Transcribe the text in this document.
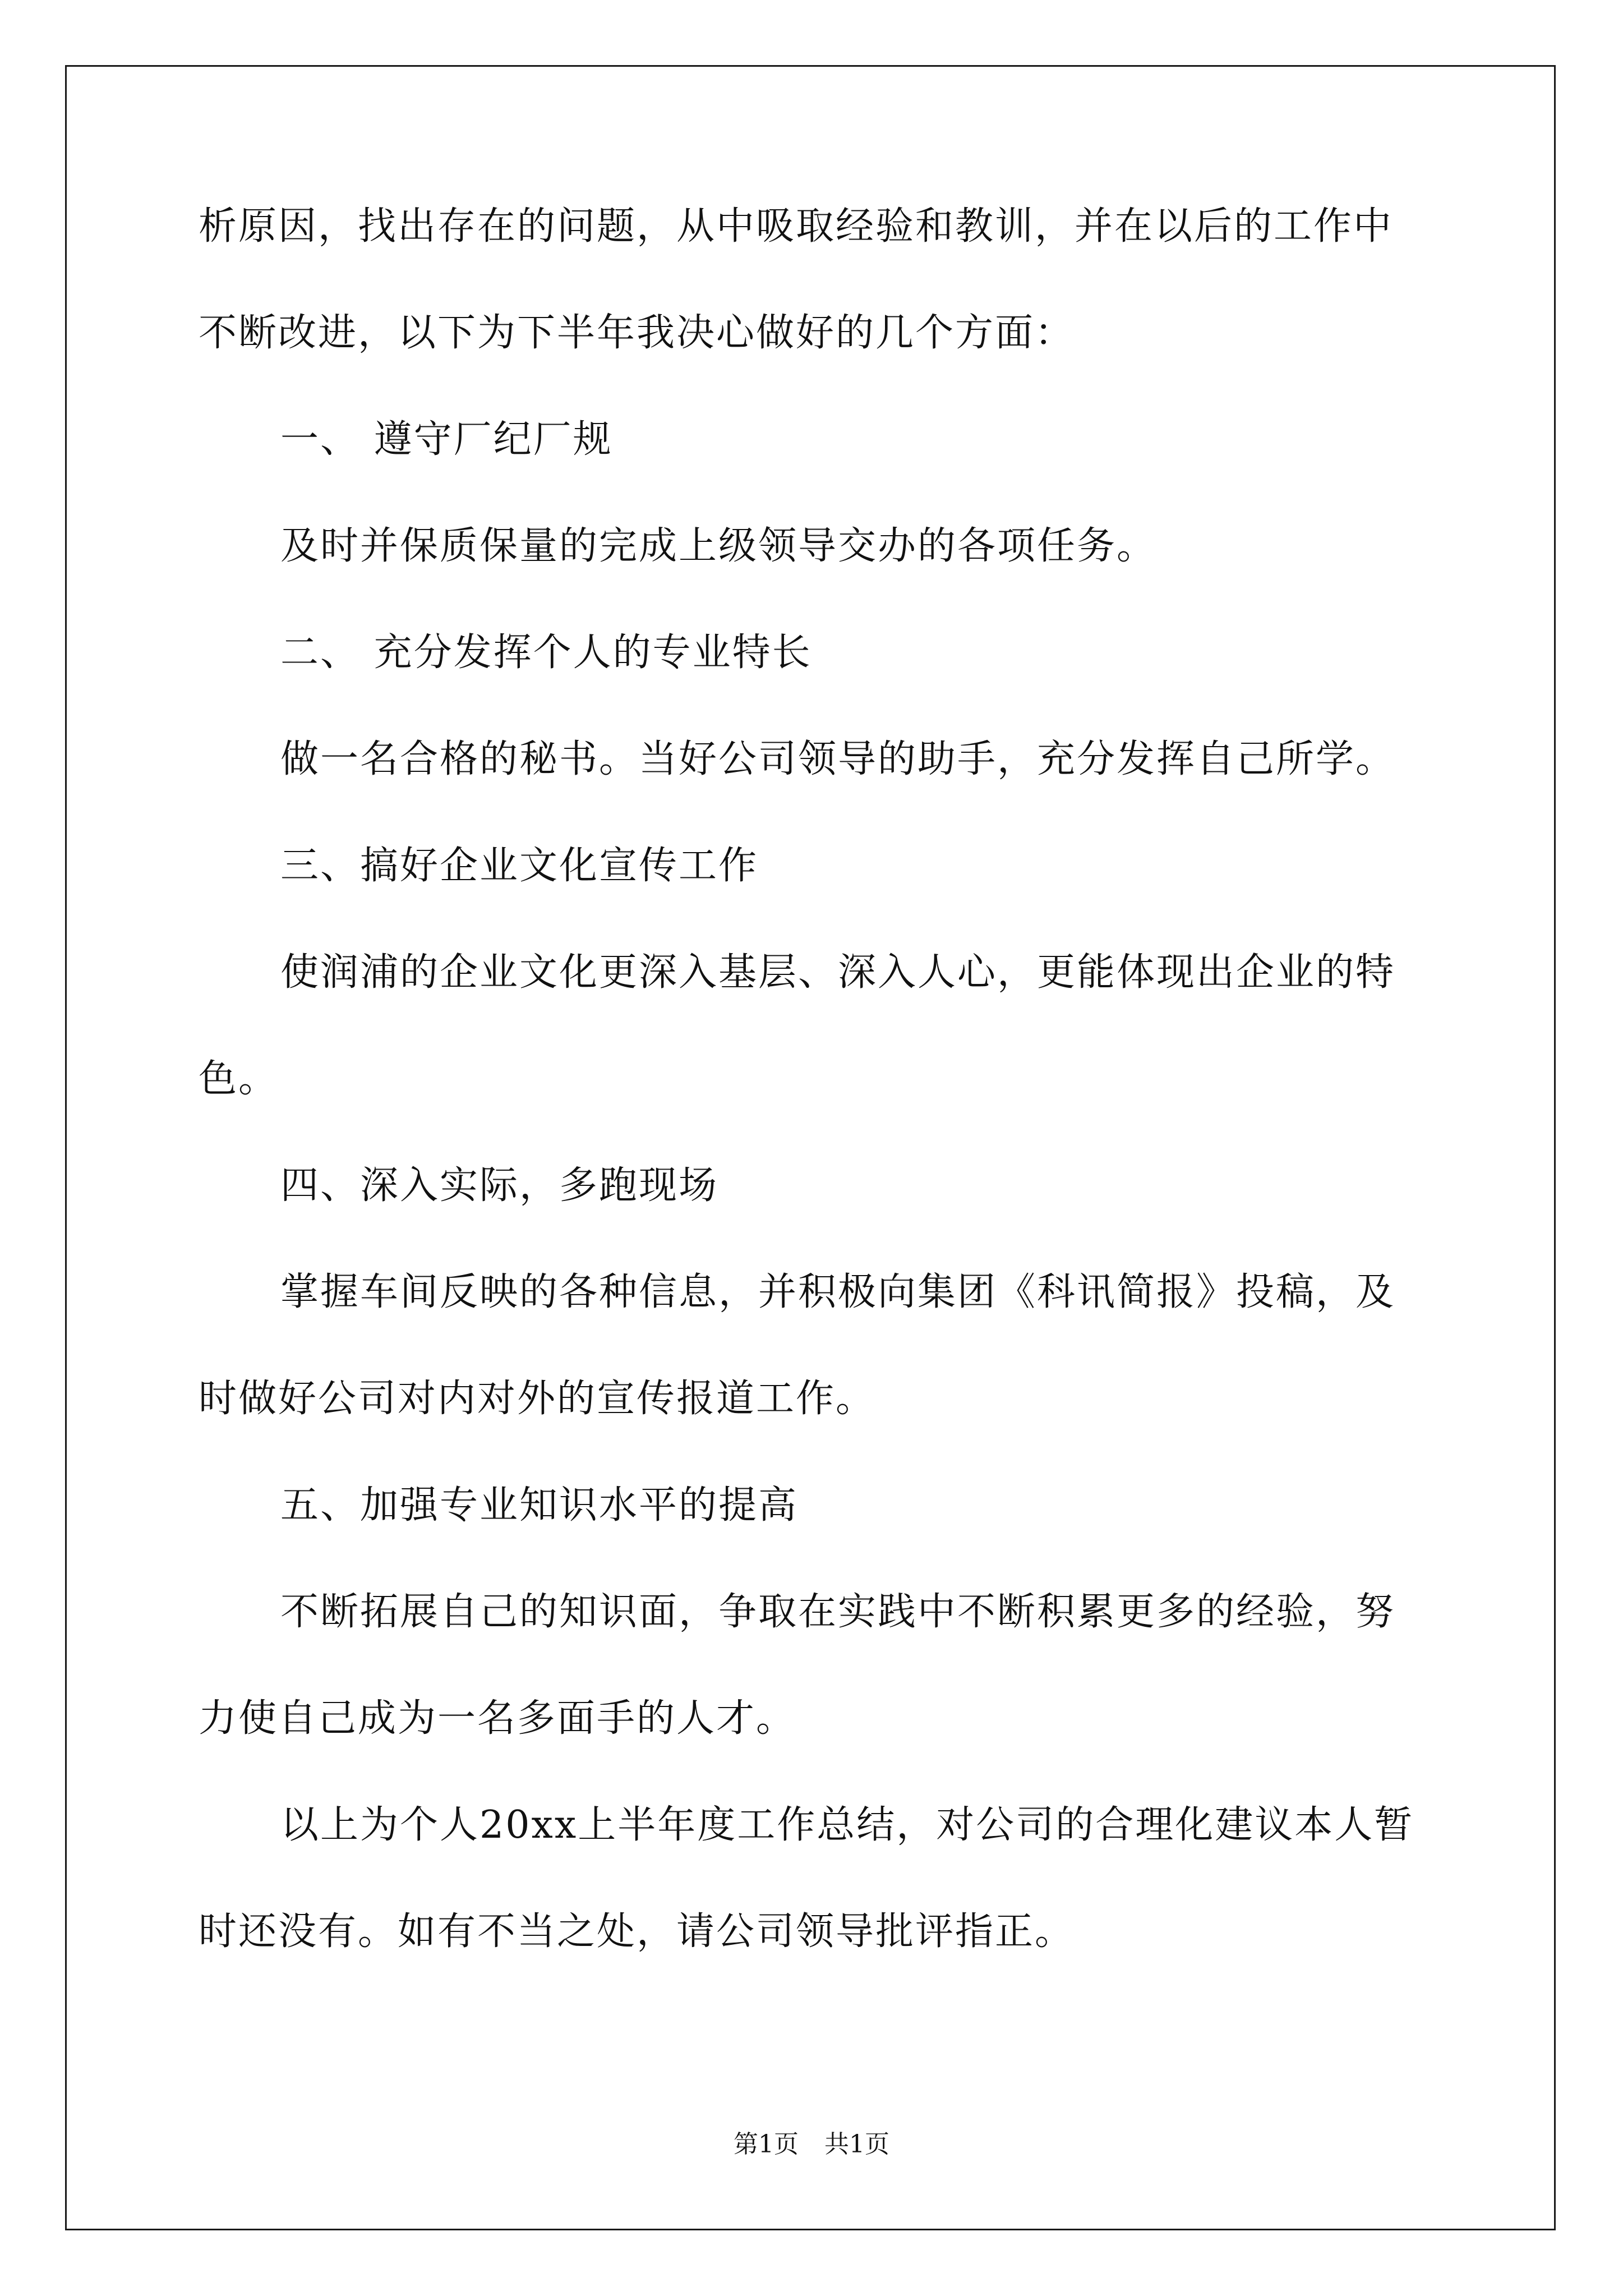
析原因，找出存在的问题，从中吸取经验和教训，并在以后的工作中
不断改进，以下为下半年我决心做好的几个方面：
一、 遵守厂纪厂规
及时并保质保量的完成上级领导交办的各项任务。
二、 充分发挥个人的专业特长
做一名合格的秘书。当好公司领导的助手，充分发挥自己所学。
三、搞好企业文化宣传工作
使润浦的企业文化更深入基层、深入人心，更能体现出企业的特
色。
四、深入实际，多跑现场
掌握车间反映的各种信息，并积极向集团《科讯简报》投稿，及
时做好公司对内对外的宣传报道工作。
五、加强专业知识水平的提高
不断拓展自己的知识面，争取在实践中不断积累更多的经验，努
力使自己成为一名多面手的人才。
以上为个人20xx上半年度工作总结，对公司的合理化建议本人暂
时还没有。如有不当之处，请公司领导批评指正。
第1页 共1页
